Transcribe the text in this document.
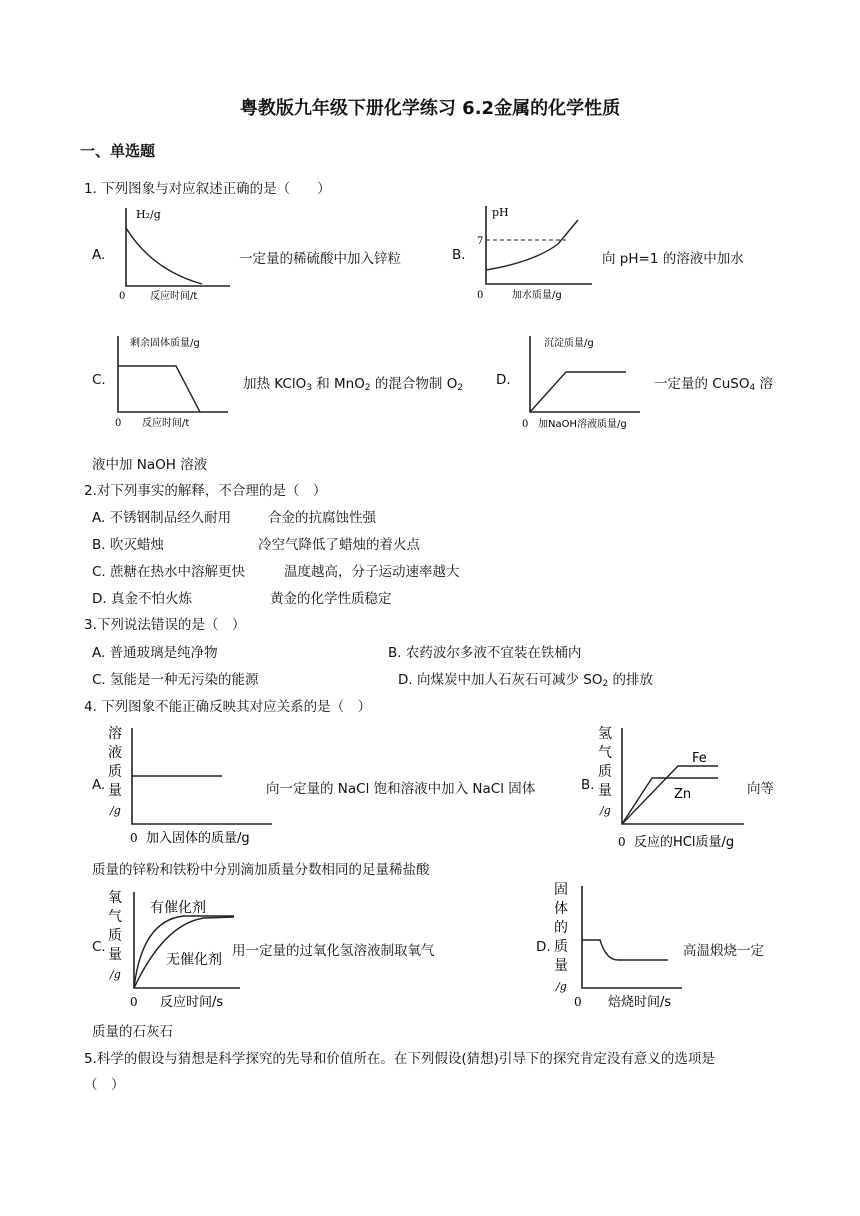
粤教版九年级下册化学练习 6.2金属的化学性质
一、单选题
1. 下列图象与对应叙述正确的是（　　）
A.
H₂/g
0 反应时间/t
一定量的稀硫酸中加入锌粒	B.
pH
7
0	加水质量/g
向 pH=1 的溶液中加水
C.
剩余固体质量/g
0 反应时间/t
加热 KClO$_3$ 和 MnO$_2$ 的混合物制 $O_2$ D.
沉淀质量/g
0 加NaOH溶液质量/g
一定量的 CuSO$_4$ 溶
液中加 NaOH 溶液
2.对下列事实的解释，不合理的是（　）
A. 不锈钢制品经久耐用	合金的抗腐蚀性强
B. 吹灭蜡烛	冷空气降低了蜡烛的着火点
C. 蔗糖在热水中溶解更快	温度越高，分子运动速率越大
D. 真金不怕火炼	黄金的化学性质稳定
3.下列说法错误的是（　）
A. 普通玻璃是纯净物	B. 农药波尔多液不宜装在铁桶内
C. 氢能是一种无污染的能源	D. 向煤炭中加人石灰石可减少 $SO_2$ 的排放
4. 下列图象不能正确反映其对应关系的是（　）
A.
溶
液
质
量
/g
0 加入固体的质量/g
向一定量的 NaCl 饱和溶液中加入 NaCl 固体	B.
氢
气
质
量
/g
Fe
Zn
0 反应的HCl质量/g
向等
质量的锌粉和铁粉中分别滴加质量分数相同的足量稀盐酸
C.
氧
气
质
量
/g
有催化剂
无催化剂
0 反应时间/s
用一定量的过氧化氢溶液制取氧气	D.
固
体
的
质
量
/g
0 焙烧时间/s
高温煅烧一定
质量的石灰石
5.科学的假设与猜想是科学探究的先导和价值所在。在下列假设(猜想)引导下的探究肯定没有意义的选项是
（　）
